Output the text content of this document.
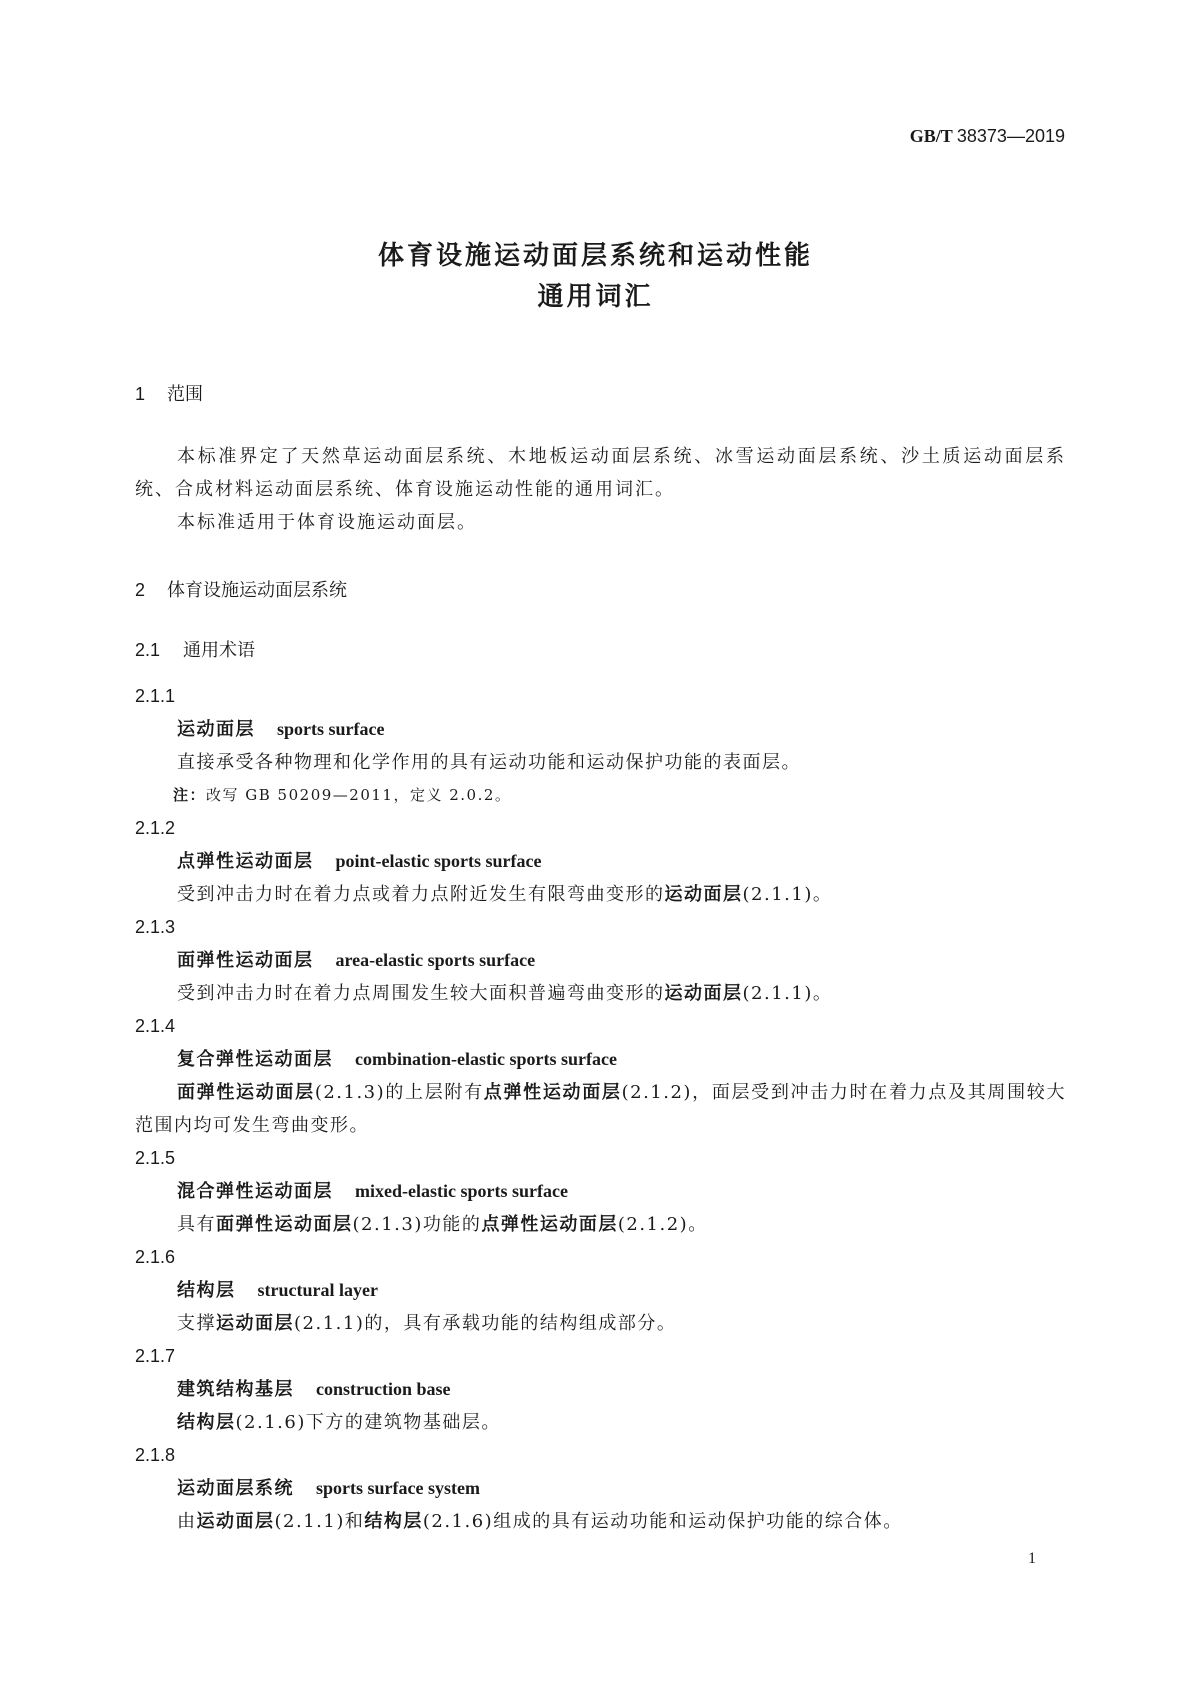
GB/T 38373—2019
体育设施运动面层系统和运动性能
通用词汇
1 范围

本标准界定了天然草运动面层系统、木地板运动面层系统、冰雪运动面层系统、沙土质运动面层系统、合成材料运动面层系统、体育设施运动性能的通用词汇。

本标准适用于体育设施运动面层。

2 体育设施运动面层系统
2.1 通用术语
2.1.1
运动面层 sports surface
直接承受各种物理和化学作用的具有运动功能和运动保护功能的表面层。
注：改写 GB 50209—2011，定义 2.0.2。
2.1.2
点弹性运动面层 point-elastic sports surface
受到冲击力时在着力点或着力点附近发生有限弯曲变形的运动面层(2.1.1)。
2.1.3
面弹性运动面层 area-elastic sports surface
受到冲击力时在着力点周围发生较大面积普遍弯曲变形的运动面层(2.1.1)。
2.1.4
复合弹性运动面层 combination-elastic sports surface
面弹性运动面层(2.1.3)的上层附有点弹性运动面层(2.1.2)，面层受到冲击力时在着力点及其周围较大范围内均可发生弯曲变形。
2.1.5
混合弹性运动面层 mixed-elastic sports surface
具有面弹性运动面层(2.1.3)功能的点弹性运动面层(2.1.2)。
2.1.6
结构层 structural layer
支撑运动面层(2.1.1)的，具有承载功能的结构组成部分。
2.1.7
建筑结构基层 construction base
结构层(2.1.6)下方的建筑物基础层。
2.1.8
运动面层系统 sports surface system
由运动面层(2.1.1)和结构层(2.1.6)组成的具有运动功能和运动保护功能的综合体。
1
